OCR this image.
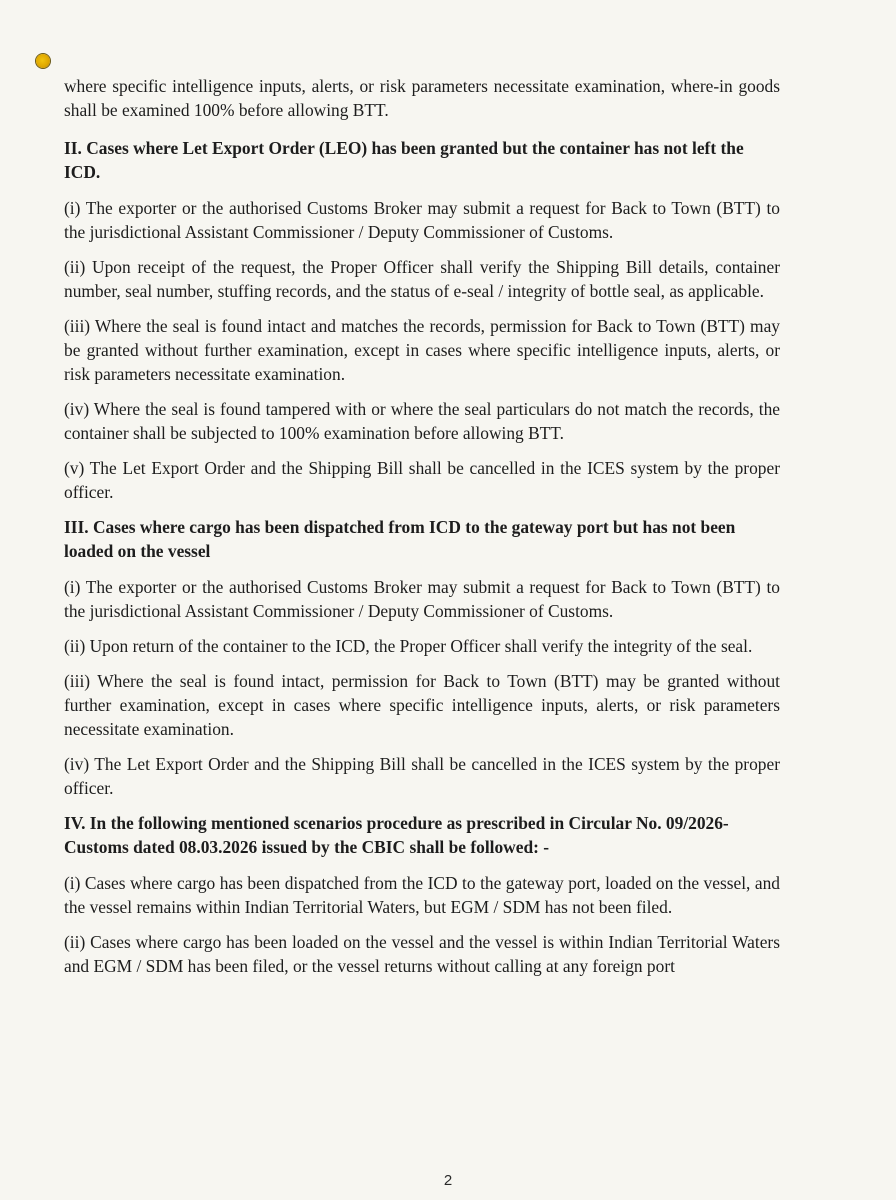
where specific intelligence inputs, alerts, or risk parameters necessitate examination, where-in goods shall be examined 100% before allowing BTT.

II. Cases where Let Export Order (LEO) has been granted but the container has not left the ICD.

(i) The exporter or the authorised Customs Broker may submit a request for Back to Town (BTT) to the jurisdictional Assistant Commissioner / Deputy Commissioner of Customs.

(ii) Upon receipt of the request, the Proper Officer shall verify the Shipping Bill details, container number, seal number, stuffing records, and the status of e-seal / integrity of bottle seal, as applicable.

(iii) Where the seal is found intact and matches the records, permission for Back to Town (BTT) may be granted without further examination, except in cases where specific intelligence inputs, alerts, or risk parameters necessitate examination.

(iv) Where the seal is found tampered with or where the seal particulars do not match the records, the container shall be subjected to 100% examination before allowing BTT.

(v) The Let Export Order and the Shipping Bill shall be cancelled in the ICES system by the proper officer.

III. Cases where cargo has been dispatched from ICD to the gateway port but has not been loaded on the vessel

(i) The exporter or the authorised Customs Broker may submit a request for Back to Town (BTT) to the jurisdictional Assistant Commissioner / Deputy Commissioner of Customs.

(ii) Upon return of the container to the ICD, the Proper Officer shall verify the integrity of the seal.

(iii) Where the seal is found intact, permission for Back to Town (BTT) may be granted without further examination, except in cases where specific intelligence inputs, alerts, or risk parameters necessitate examination.

(iv) The Let Export Order and the Shipping Bill shall be cancelled in the ICES system by the proper officer.

IV. In the following mentioned scenarios procedure as prescribed in Circular No. 09/2026-Customs dated 08.03.2026 issued by the CBIC shall be followed: -

(i) Cases where cargo has been dispatched from the ICD to the gateway port, loaded on the vessel, and the vessel remains within Indian Territorial Waters, but EGM / SDM has not been filed.

(ii) Cases where cargo has been loaded on the vessel and the vessel is within Indian Territorial Waters and EGM / SDM has been filed, or the vessel returns without calling at any foreign port

2
